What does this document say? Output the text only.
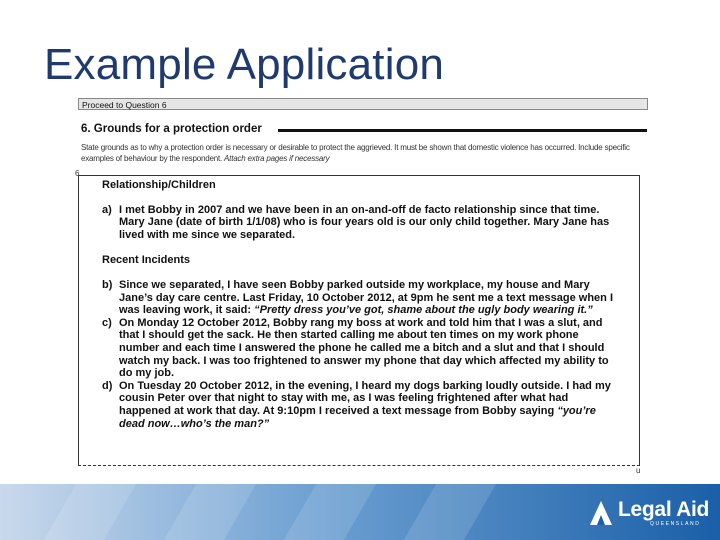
Example Application
Proceed to Question 6
6. Grounds for a protection order
State grounds as to why a protection order is necessary or desirable to protect the aggrieved. It must be shown that domestic violence has occurred. Include specific examples of behaviour by the respondent. Attach extra pages if necessary
6
Relationship/Children
a) I met Bobby in 2007 and we have been in an on-and-off de facto relationship since that time. Mary Jane (date of birth 1/1/08) who is four years old is our only child together. Mary Jane has lived with me since we separated.
Recent Incidents
b) Since we separated, I have seen Bobby parked outside my workplace, my house and Mary Jane’s day care centre. Last Friday, 10 October 2012, at 9pm he sent me a text message when I was leaving work, it said: “Pretty dress you’ve got, shame about the ugly body wearing it.”
c) On Monday 12 October 2012, Bobby rang my boss at work and told him that I was a slut, and that I should get the sack. He then started calling me about ten times on my work phone number and each time I answered the phone he called me a bitch and a slut and that I should watch my back. I was too frightened to answer my phone that day which affected my ability to do my job.
d) On Tuesday 20 October 2012, in the evening, I heard my dogs barking loudly outside. I had my cousin Peter over that night to stay with me, as I was feeling frightened after what had happened at work that day. At 9:10pm I received a text message from Bobby saying “you’re dead now…who’s the man?”
u
Legal Aid
QUEENSLAND
